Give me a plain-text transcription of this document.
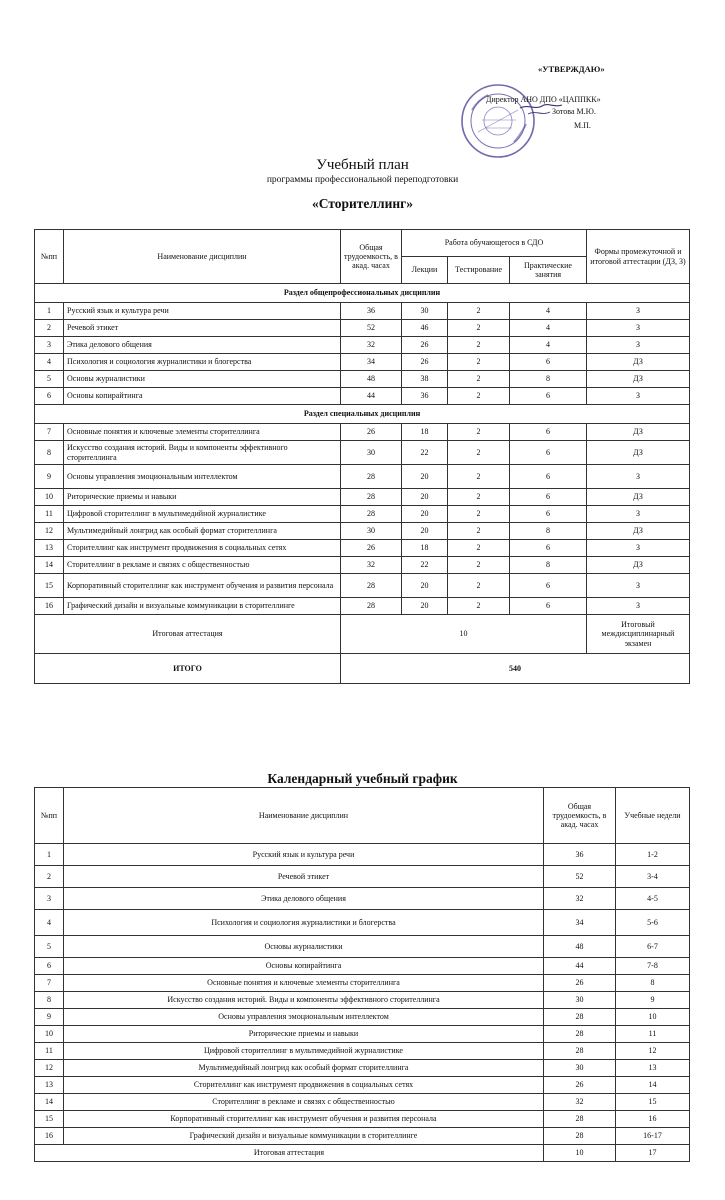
«УТВЕРЖДАЮ»
Директор АНО ДПО «ЦАППКК»
Зотова М.Ю.
М.П.
Учебный план
программы профессиональной переподготовки
«Сторителлинг»
№пп	Наименование дисциплин	Общая трудоемкость, в акад. часах	Работа обучающегося в СДО			Формы промежуточной и итоговой аттестации (ДЗ, З)
			Лекции	Тестирование	Практические занятия	
Раздел общепрофессиональных дисциплин						
1	Русский язык и культура речи	36	30	2	4	З
2	Речевой этикет	52	46	2	4	З
3	Этика делового общения	32	26	2	4	З
4	Психология и социология журналистики и блогерства	34	26	2	6	ДЗ
5	Основы журналистики	48	38	2	8	ДЗ
6	Основы копирайтинга	44	36	2	6	З
Раздел специальных дисциплин						
7	Основные понятия и ключевые элементы сторителлинга	26	18	2	6	ДЗ
8	Искусство создания историй. Виды и компоненты эффективного сторителлинга	30	22	2	6	ДЗ
9	Основы управления эмоциональным интеллектом	28	20	2	6	З
10	Риторические приемы и навыки	28	20	2	6	ДЗ
11	Цифровой сторителлинг в мультимедийной журналистике	28	20	2	6	З
12	Мультимедийный лонгрид как особый формат сторителлинга	30	20	2	8	ДЗ
13	Сторителлинг как инструмент продвижения в социальных сетях	26	18	2	6	З
14	Сторителлинг в рекламе и связях с общественностью	32	22	2	8	ДЗ
15	Корпоративный сторителлинг как инструмент обучения и развития персонала	28	20	2	6	З
16	Графический дизайн и визуальные коммуникации в сторителлинге	28	20	2	6	З
Итоговая аттестация		10				Итоговый междисциплинарный экзамен
ИТОГО		540				
Календарный учебный график
№пп	Наименование дисциплин	Общая трудоемкость, в акад. часах	Учебные недели
1	Русский язык и культура речи	36	1-2
2	Речевой этикет	52	3-4
3	Этика делового общения	32	4-5
4	Психология и социология журналистики и блогерства	34	5-6
5	Основы журналистики	48	6-7
6	Основы копирайтинга	44	7-8
7	Основные понятия и ключевые элементы сторителлинга	26	8
8	Искусство создания историй. Виды и компоненты эффективного сторителлинга	30	9
9	Основы управления эмоциональным интеллектом	28	10
10	Риторические приемы и навыки	28	11
11	Цифровой сторителлинг в мультимедийной журналистике	28	12
12	Мультимедийный лонгрид как особый формат сторителлинга	30	13
13	Сторителлинг как инструмент продвижения в социальных сетях	26	14
14	Сторителлинг в рекламе и связях с общественностью	32	15
15	Корпоративный сторителлинг как инструмент обучения и развития персонала	28	16
16	Графический дизайн и визуальные коммуникации в сторителлинге	28	16-17
Итоговая аттестация		10	17
